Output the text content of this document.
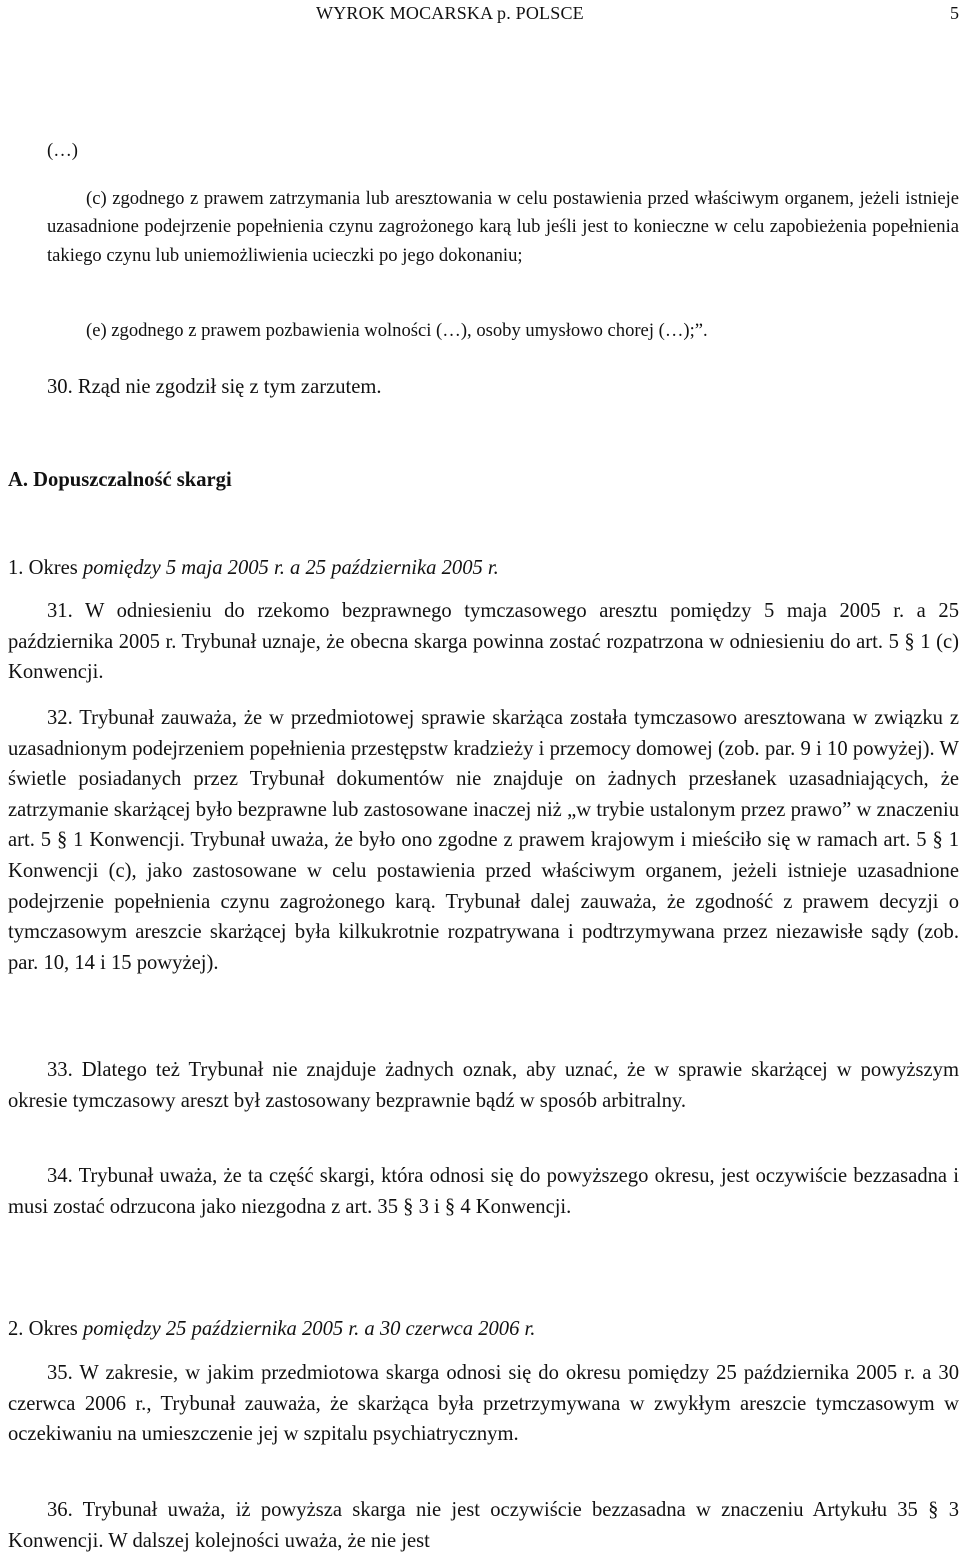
WYROK MOCARSKA p. POLSCE	5
(…)
(c) zgodnego z prawem zatrzymania lub aresztowania w celu postawienia przed właściwym organem, jeżeli istnieje uzasadnione podejrzenie popełnienia czynu zagrożonego karą lub jeśli jest to konieczne w celu zapobieżenia popełnienia takiego czynu lub uniemożliwienia ucieczki po jego dokonaniu;
(e) zgodnego z prawem pozbawienia wolności (…), osoby umysłowo chorej (…);”.
30. Rząd nie zgodził się z tym zarzutem.
A. Dopuszczalność skargi
1. Okres pomiędzy 5 maja 2005 r. a 25 października 2005 r.
31. W odniesieniu do rzekomo bezprawnego tymczasowego aresztu pomiędzy 5 maja 2005 r. a 25 października 2005 r. Trybunał uznaje, że obecna skarga powinna zostać rozpatrzona w odniesieniu do art. 5 § 1 (c) Konwencji.
32. Trybunał zauważa, że w przedmiotowej sprawie skarżąca została tymczasowo aresztowana w związku z uzasadnionym podejrzeniem popełnienia przestępstw kradzieży i przemocy domowej (zob. par. 9 i 10 powyżej). W świetle posiadanych przez Trybunał dokumentów nie znajduje on żadnych przesłanek uzasadniających, że zatrzymanie skarżącej było bezprawne lub zastosowane inaczej niż „w trybie ustalonym przez prawo” w znaczeniu art. 5 § 1 Konwencji. Trybunał uważa, że było ono zgodne z prawem krajowym i mieściło się w ramach art. 5 § 1 Konwencji (c), jako zastosowane w celu postawienia przed właściwym organem, jeżeli istnieje uzasadnione podejrzenie popełnienia czynu zagrożonego karą. Trybunał dalej zauważa, że zgodność z prawem decyzji o tymczasowym areszcie skarżącej była kilkukrotnie rozpatrywana i podtrzymywana przez niezawisłe sądy (zob. par. 10, 14 i 15 powyżej).
33. Dlatego też Trybunał nie znajduje żadnych oznak, aby uznać, że w sprawie skarżącej w powyższym okresie tymczasowy areszt był zastosowany bezprawnie bądź w sposób arbitralny.
34. Trybunał uważa, że ta część skargi, która odnosi się do powyższego okresu, jest oczywiście bezzasadna i musi zostać odrzucona jako niezgodna z art. 35 § 3 i § 4 Konwencji.
2. Okres pomiędzy 25 października 2005 r. a 30 czerwca 2006 r.
35. W zakresie, w jakim przedmiotowa skarga odnosi się do okresu pomiędzy 25 października 2005 r. a 30 czerwca 2006 r., Trybunał zauważa, że skarżąca była przetrzymywana w zwykłym areszcie tymczasowym w oczekiwaniu na umieszczenie jej w szpitalu psychiatrycznym.
36. Trybunał uważa, iż powyższa skarga nie jest oczywiście bezzasadna w znaczeniu Artykułu 35 § 3 Konwencji. W dalszej kolejności uważa, że nie jest
